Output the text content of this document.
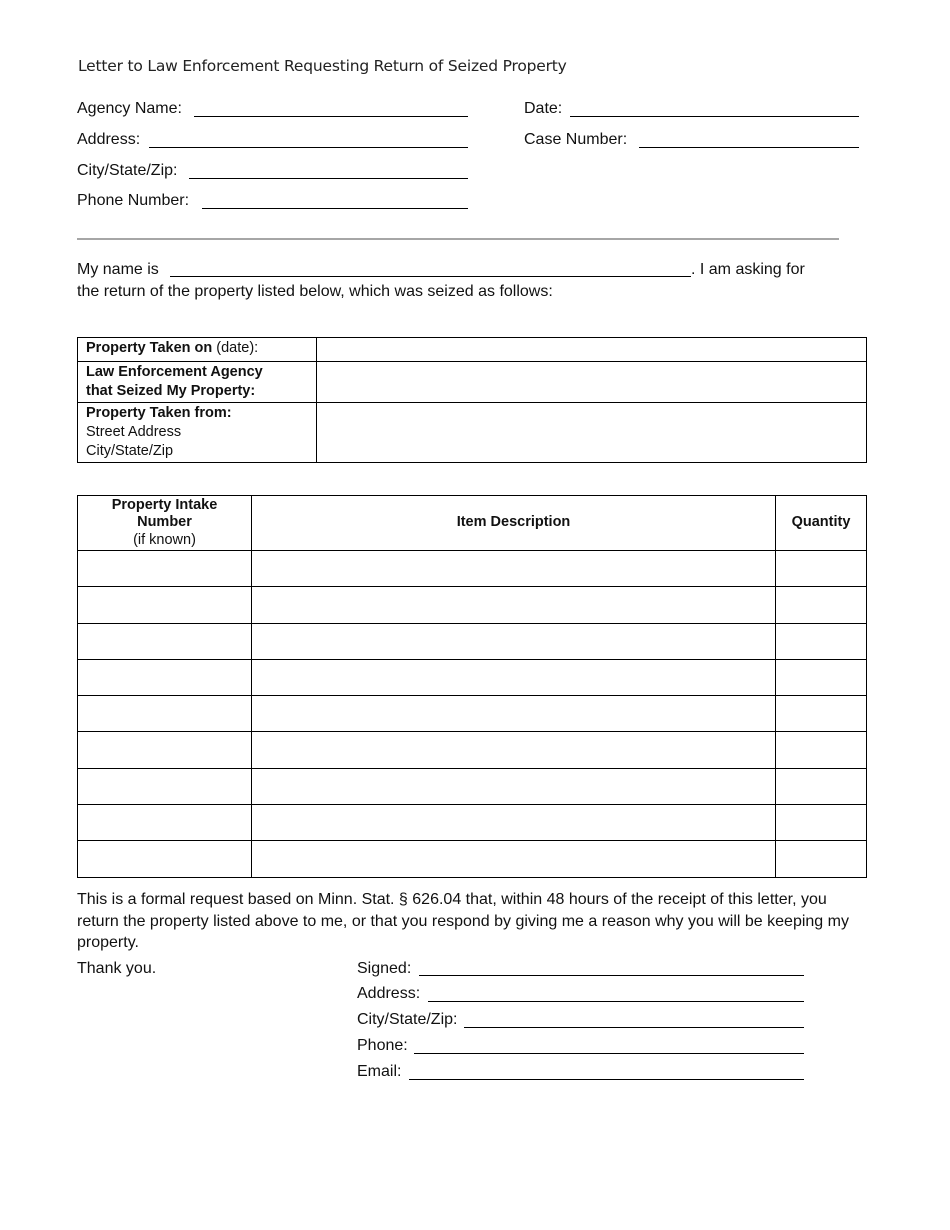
Letter to Law Enforcement Requesting Return of Seized Property
Agency Name:
Address:
City/State/Zip:
Phone Number:
Date:
Case Number:
My name is	. I am asking for
the return of the property listed below, which was seized as follows:
Property Taken on (date):	
Law Enforcement Agency
that Seized My Property:	
Property Taken from:
Street Address
City/State/Zip	
Property Intake
Number
(if known)	Item Description	Quantity

This is a formal request based on Minn. Stat. § 626.04 that, within 48 hours of the receipt of this letter, you return the property listed above to me, or that you respond by giving me a reason why you will be keeping my property.
Thank you.	Signed:
Address:
City/State/Zip:
Phone:
Email:
